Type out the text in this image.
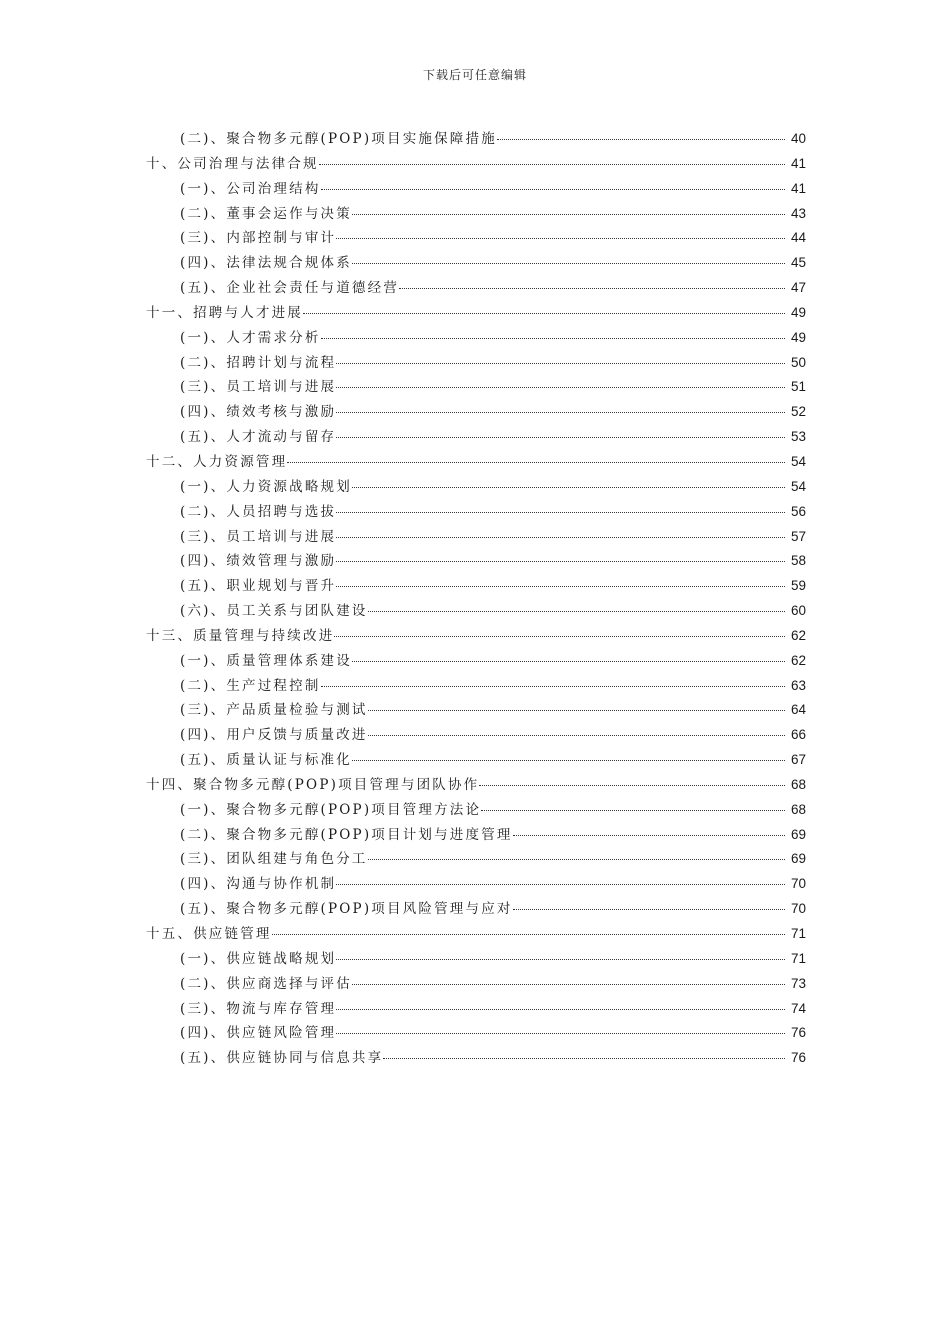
下载后可任意编辑
(二)、聚合物多元醇(POP)项目实施保障措施	40
十、公司治理与法律合规	41
(一)、公司治理结构	41
(二)、董事会运作与决策	43
(三)、内部控制与审计	44
(四)、法律法规合规体系	45
(五)、企业社会责任与道德经营	47
十一、招聘与人才进展	49
(一)、人才需求分析	49
(二)、招聘计划与流程	50
(三)、员工培训与进展	51
(四)、绩效考核与激励	52
(五)、人才流动与留存	53
十二、人力资源管理	54
(一)、人力资源战略规划	54
(二)、人员招聘与选拔	56
(三)、员工培训与进展	57
(四)、绩效管理与激励	58
(五)、职业规划与晋升	59
(六)、员工关系与团队建设	60
十三、质量管理与持续改进	62
(一)、质量管理体系建设	62
(二)、生产过程控制	63
(三)、产品质量检验与测试	64
(四)、用户反馈与质量改进	66
(五)、质量认证与标准化	67
十四、聚合物多元醇(POP)项目管理与团队协作	68
(一)、聚合物多元醇(POP)项目管理方法论	68
(二)、聚合物多元醇(POP)项目计划与进度管理	69
(三)、团队组建与角色分工	69
(四)、沟通与协作机制	70
(五)、聚合物多元醇(POP)项目风险管理与应对	70
十五、供应链管理	71
(一)、供应链战略规划	71
(二)、供应商选择与评估	73
(三)、物流与库存管理	74
(四)、供应链风险管理	76
(五)、供应链协同与信息共享	76
